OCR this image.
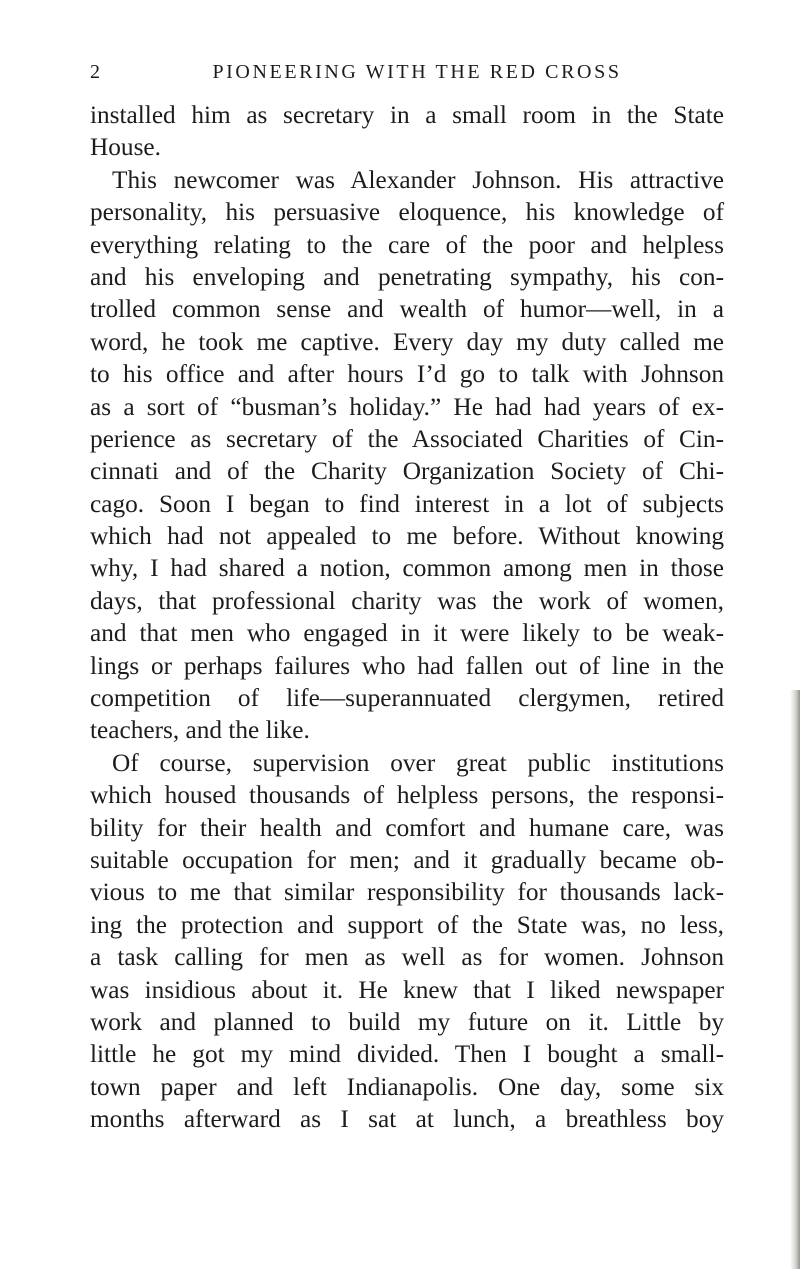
2	PIONEERING WITH THE RED CROSS
installed him as secretary in a small room in the State
House.
This newcomer was Alexander Johnson. His attractive
personality, his persuasive eloquence, his knowledge of
everything relating to the care of the poor and helpless
and his enveloping and penetrating sympathy, his con-
trolled common sense and wealth of humor—well, in a
word, he took me captive. Every day my duty called me
to his office and after hours I’d go to talk with Johnson
as a sort of “busman’s holiday.” He had had years of ex-
perience as secretary of the Associated Charities of Cin-
cinnati and of the Charity Organization Society of Chi-
cago. Soon I began to find interest in a lot of subjects
which had not appealed to me before. Without knowing
why, I had shared a notion, common among men in those
days, that professional charity was the work of women,
and that men who engaged in it were likely to be weak-
lings or perhaps failures who had fallen out of line in the
competition of life—superannuated clergymen, retired
teachers, and the like.
Of course, supervision over great public institutions
which housed thousands of helpless persons, the responsi-
bility for their health and comfort and humane care, was
suitable occupation for men; and it gradually became ob-
vious to me that similar responsibility for thousands lack-
ing the protection and support of the State was, no less,
a task calling for men as well as for women. Johnson
was insidious about it. He knew that I liked newspaper
work and planned to build my future on it. Little by
little he got my mind divided. Then I bought a small-
town paper and left Indianapolis. One day, some six
months afterward as I sat at lunch, a breathless boy
